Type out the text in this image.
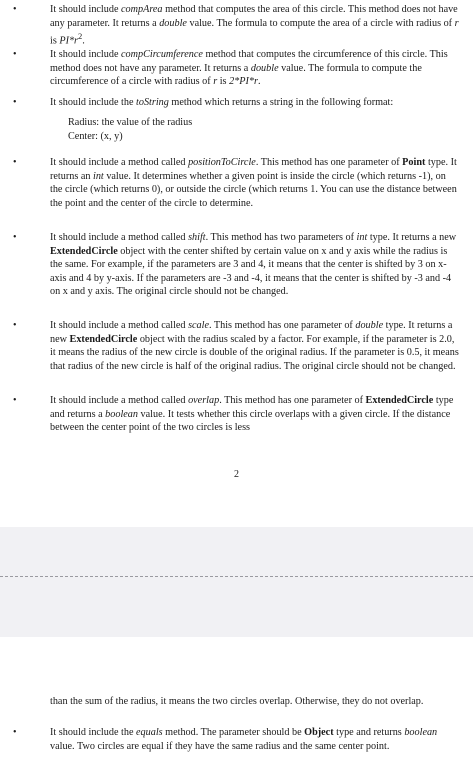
•	It should include compArea method that computes the area of this circle. This method does not have any parameter. It returns a double value. The formula to compute the area of a circle with radius of r is $PI*r^2$.

•	It should include compCircumference method that computes the circumference of this circle. This method does not have any parameter. It returns a double value. The formula to compute the circumference of a circle with radius of r is 2*PI*r.

•	It should include the toString method which returns a string in the following format:

Radius: the value of the radius

Center: (x, y)

•	It should include a method called positionToCircle. This method has one parameter of Point type. It returns an int value. It determines whether a given point is inside the circle (which returns -1), on the circle (which returns 0), or outside the circle (which returns 1. You can use the distance between the point and the center of the circle to determine.

•	It should include a method called shift. This method has two parameters of int type. It returns a new ExtendedCircle object with the center shifted by certain value on x and y axis while the radius is the same. For example, if the parameters are 3 and 4, it means that the center is shifted by 3 on x-axis and 4 by y-axis. If the parameters are -3 and -4, it means that the center is shifted by -3 and -4 on x and y axis. The original circle should not be changed.

•	It should include a method called scale. This method has one parameter of double type. It returns a new ExtendedCircle object with the radius scaled by a factor. For example, if the parameter is 2.0, it means the radius of the new circle is double of the original radius. If the parameter is 0.5, it means that radius of the new circle is half of the original radius. The original circle should not be changed.

•	It should include a method called overlap. This method has one parameter of ExtendedCircle type and returns a boolean value. It tests whether this circle overlaps with a given circle. If the distance between the center point of the two circles is less

2

than the sum of the radius, it means the two circles overlap. Otherwise, they do not overlap.

•	It should include the equals method. The parameter should be Object type and returns boolean value. Two circles are equal if they have the same radius and the same center point.
